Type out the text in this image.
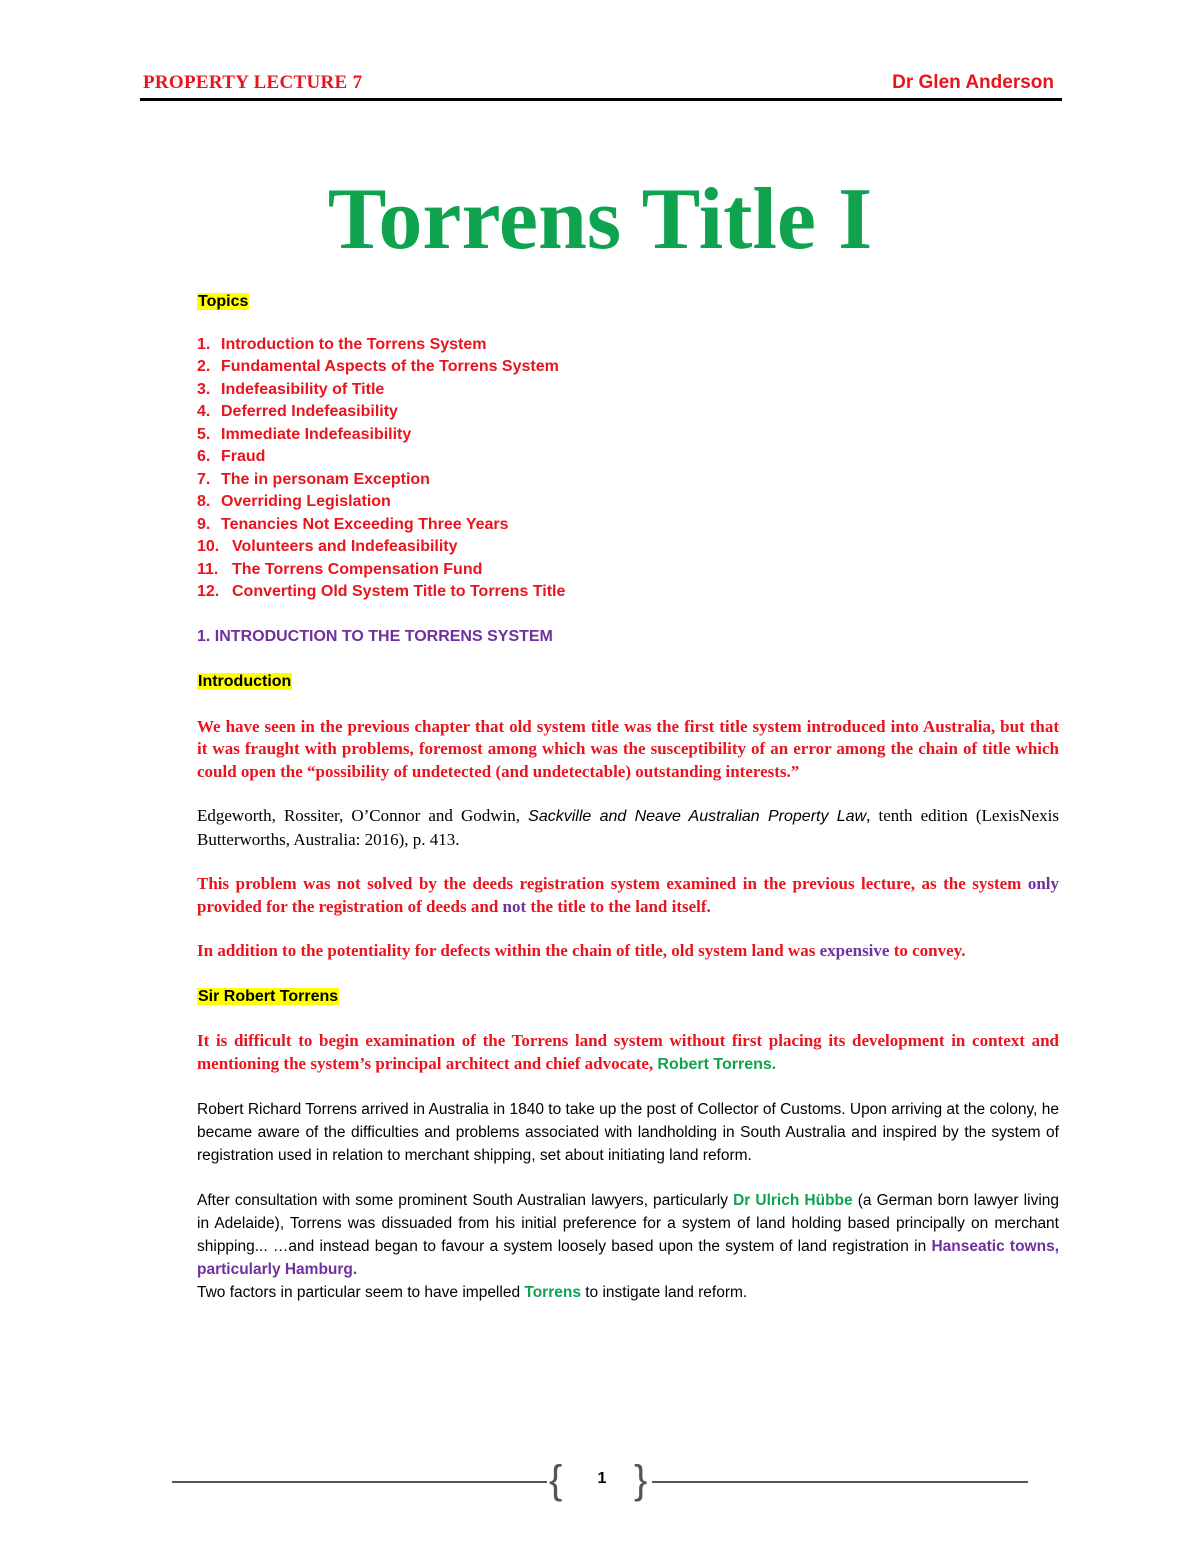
PROPERTY LECTURE 7	Dr Glen Anderson
Torrens Title I
Topics
1. Introduction to the Torrens System
2. Fundamental Aspects of the Torrens System
3. Indefeasibility of Title
4. Deferred Indefeasibility
5. Immediate Indefeasibility
6. Fraud
7. The in personam Exception
8. Overriding Legislation
9. Tenancies Not Exceeding Three Years
10. Volunteers and Indefeasibility
11. The Torrens Compensation Fund
12. Converting Old System Title to Torrens Title
1. INTRODUCTION TO THE TORRENS SYSTEM
Introduction

We have seen in the previous chapter that old system title was the first title system introduced into Australia, but that it was fraught with problems, foremost among which was the susceptibility of an error among the chain of title which could open the “possibility of undetected (and undetectable) outstanding interests.”

Edgeworth, Rossiter, O’Connor and Godwin, Sackville and Neave Australian Property Law, tenth edition (LexisNexis Butterworths, Australia: 2016), p. 413.

This problem was not solved by the deeds registration system examined in the previous lecture, as the system only provided for the registration of deeds and not the title to the land itself.

In addition to the potentiality for defects within the chain of title, old system land was expensive to convey.

Sir Robert Torrens

It is difficult to begin examination of the Torrens land system without first placing its development in context and mentioning the system’s principal architect and chief advocate, Robert Torrens.

Robert Richard Torrens arrived in Australia in 1840 to take up the post of Collector of Customs. Upon arriving at the colony, he became aware of the difficulties and problems associated with landholding in South Australia and inspired by the system of registration used in relation to merchant shipping, set about initiating land reform.

After consultation with some prominent South Australian lawyers, particularly Dr Ulrich Hübbe (a German born lawyer living in Adelaide), Torrens was dissuaded from his initial preference for a system of land holding based principally on merchant shipping... …and instead began to favour a system loosely based upon the system of land registration in Hanseatic towns, particularly Hamburg.
Two factors in particular seem to have impelled Torrens to instigate land reform.

{	1 }
